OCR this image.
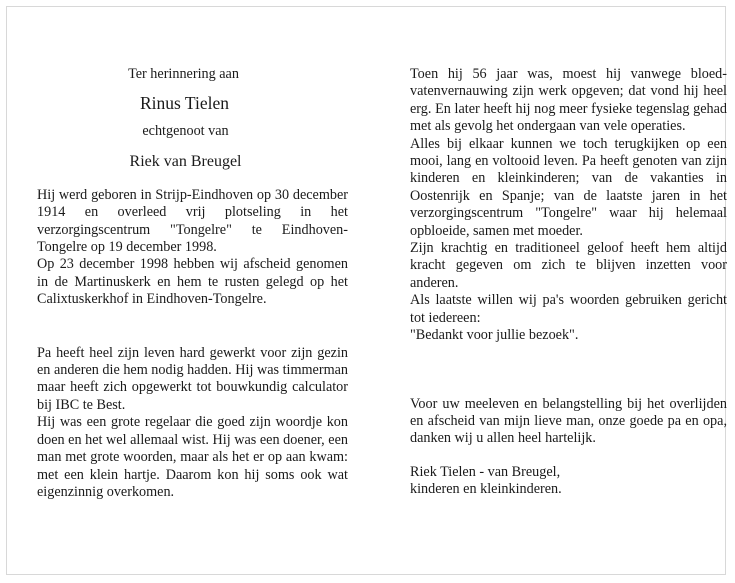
Ter herinnering aan
Rinus Tielen
echtgenoot van
Riek van Breugel

Hij werd geboren in Strijp-Eindhoven op 30 december 1914 en overleed vrij plotseling in het verzorgingscentrum "Tongelre" te Eindhoven-Tongelre op 19 december 1998.

Op 23 december 1998 hebben wij afscheid genomen in de Martinuskerk en hem te rusten gelegd op het Calixtuskerkhof in Eindhoven-Tongelre.

Pa heeft heel zijn leven hard gewerkt voor zijn gezin en anderen die hem nodig hadden. Hij was timmerman maar heeft zich opgewerkt tot bouwkundig calculator bij IBC te Best.

Hij was een grote regelaar die goed zijn woordje kon doen en het wel allemaal wist. Hij was een doener, een man met grote woorden, maar als het er op aan kwam: met een klein hartje. Daarom kon hij soms ook wat eigenzinnig overkomen.

Toen hij 56 jaar was, moest hij vanwege bloed-vatenvernauwing zijn werk opgeven; dat vond hij heel erg. En later heeft hij nog meer fysieke tegenslag gehad met als gevolg het ondergaan van vele operaties.

Alles bij elkaar kunnen we toch terugkijken op een mooi, lang en voltooid leven. Pa heeft genoten van zijn kinderen en kleinkinderen; van de vakanties in Oostenrijk en Spanje; van de laatste jaren in het verzorgingscentrum "Tongelre" waar hij helemaal opbloeide, samen met moeder.

Zijn krachtig en traditioneel geloof heeft hem altijd kracht gegeven om zich te blijven inzetten voor anderen.

Als laatste willen wij pa's woorden gebruiken gericht tot iedereen:

"Bedankt voor jullie bezoek".

Voor uw meeleven en belangstelling bij het overlijden en afscheid van mijn lieve man, onze goede pa en opa, danken wij u allen heel hartelijk.

Riek Tielen - van Breugel,
kinderen en kleinkinderen.
